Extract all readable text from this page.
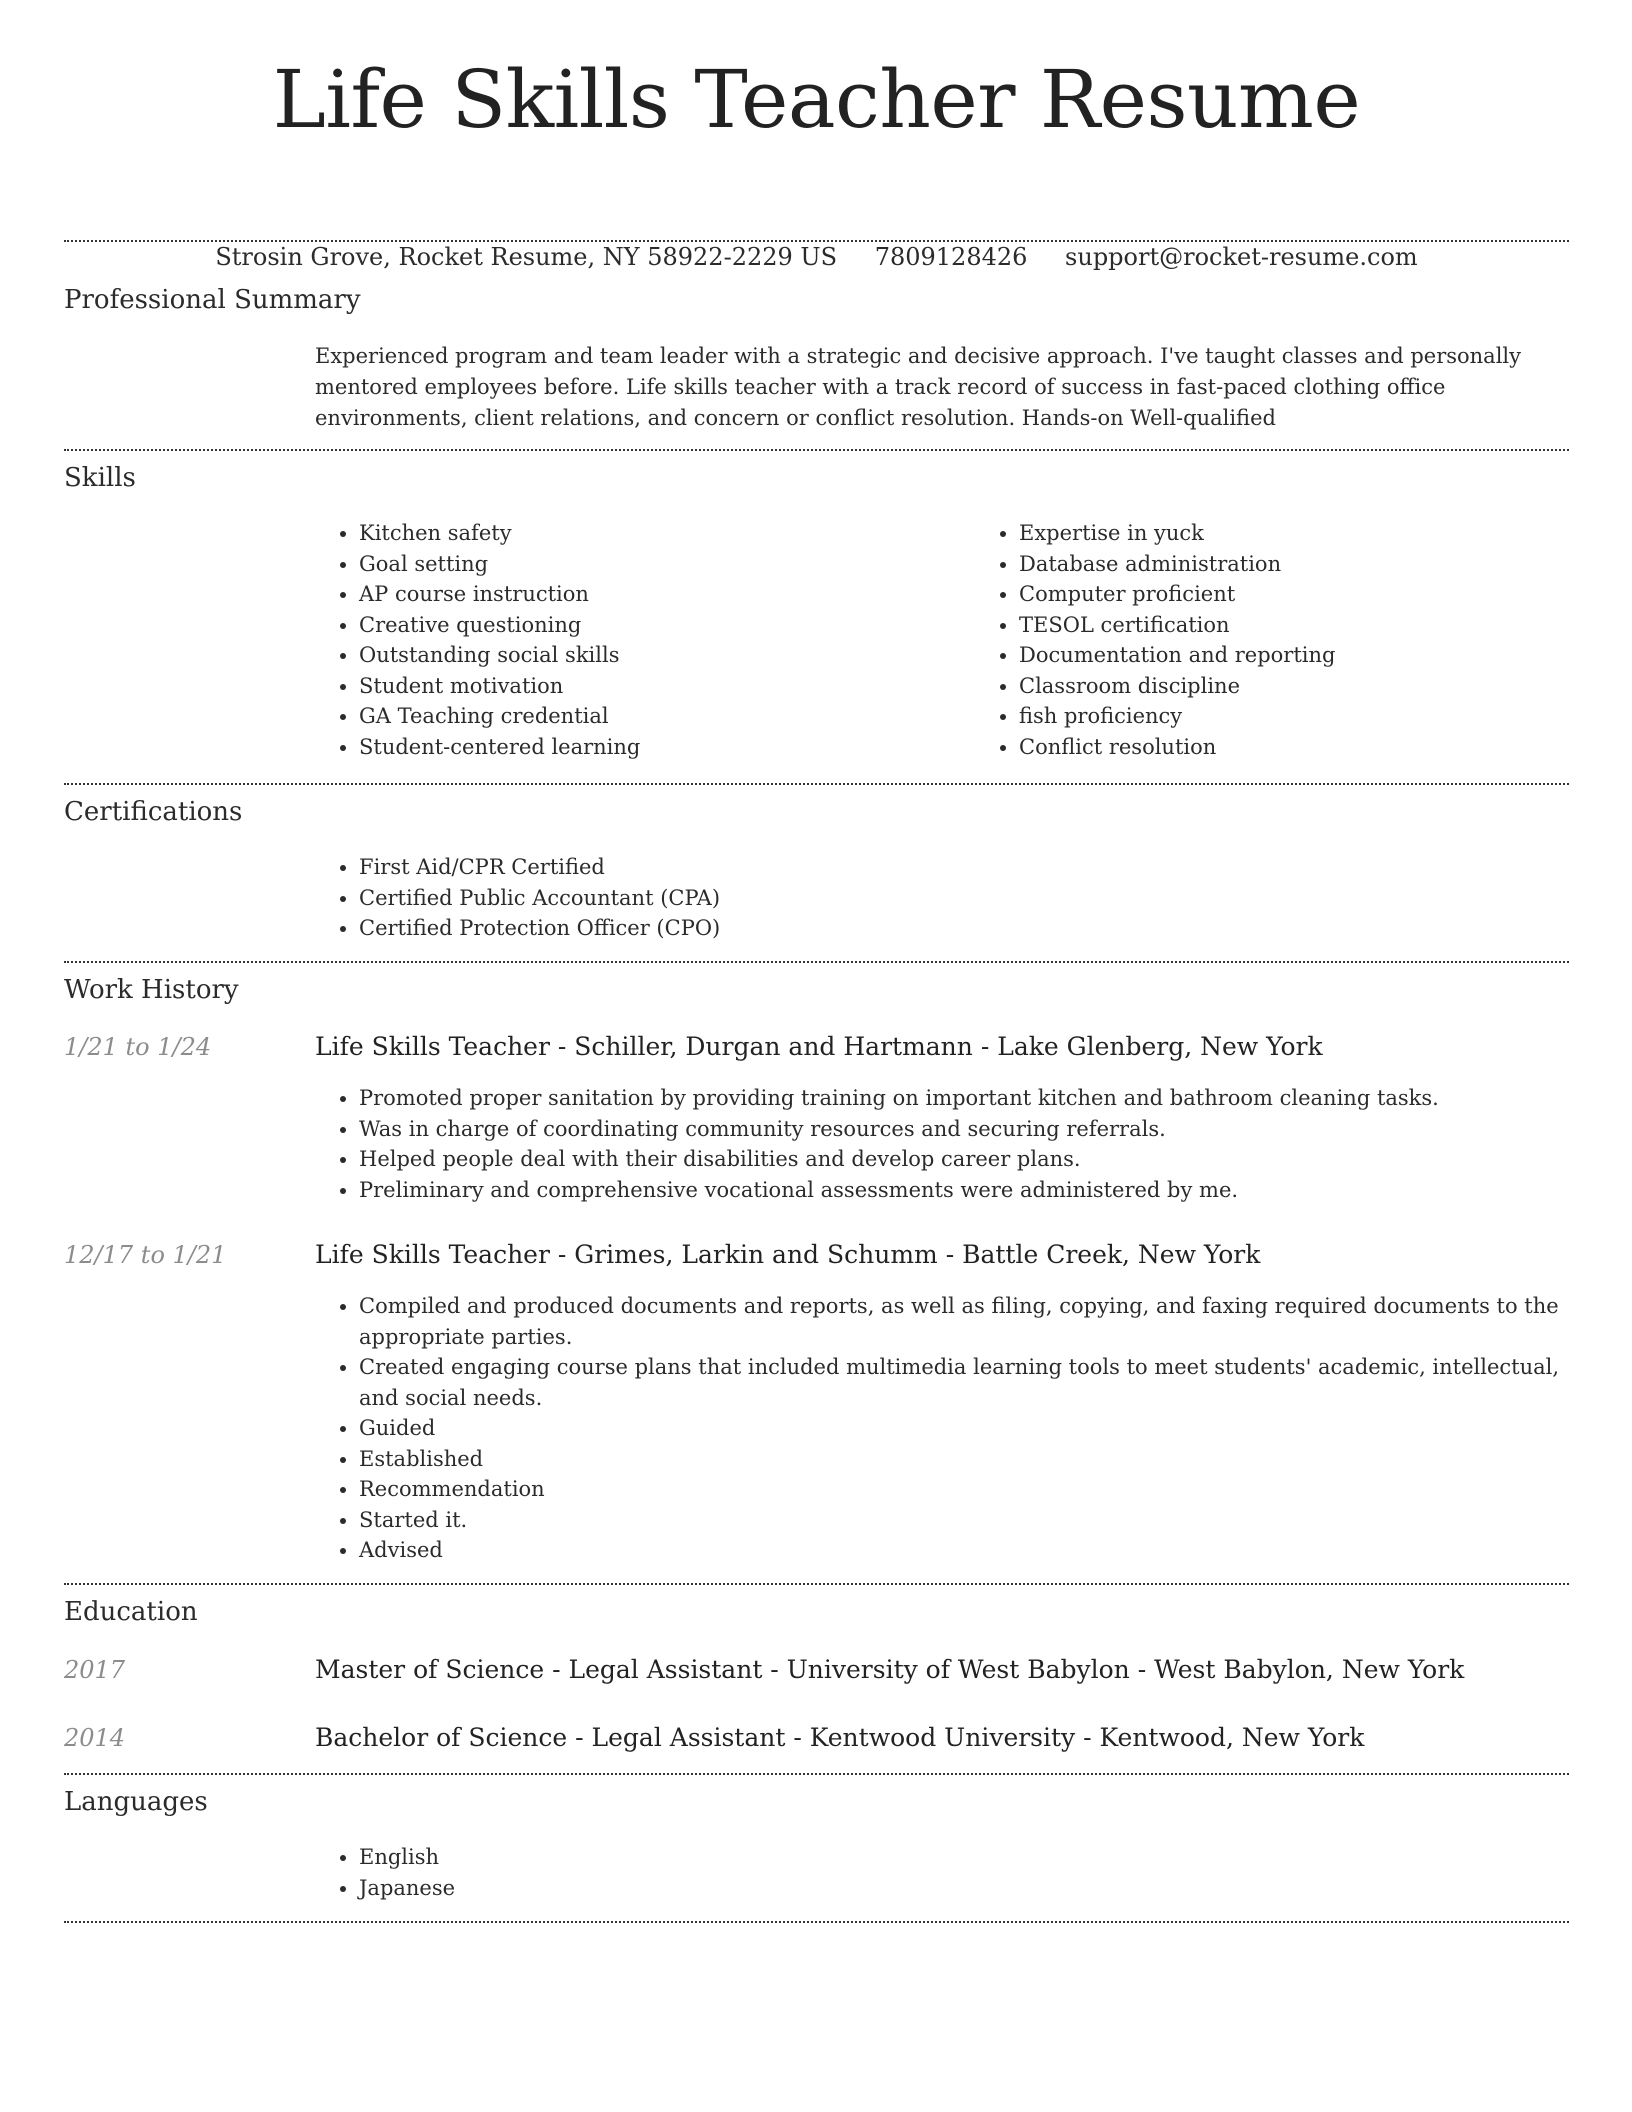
Life Skills Teacher Resume
Strosin Grove, Rocket Resume, NY 58922-2229 US 7809128426 support@rocket-resume.com
Professional Summary
Experienced program and team leader with a strategic and decisive approach. I've taught classes and personally mentored employees before. Life skills teacher with a track record of success in fast-paced clothing office environments, client relations, and concern or conflict resolution. Hands-on Well-qualified
Skills
• Kitchen safety
• Goal setting
• AP course instruction
• Creative questioning
• Outstanding social skills
• Student motivation
• GA Teaching credential
• Student-centered learning
• Expertise in yuck
• Database administration
• Computer proficient
• TESOL certification
• Documentation and reporting
• Classroom discipline
• fish proficiency
• Conflict resolution
Certifications
• First Aid/CPR Certified
• Certified Public Accountant (CPA)
• Certified Protection Officer (CPO)
Work History
1/21 to 1/24	Life Skills Teacher - Schiller, Durgan and Hartmann - Lake Glenberg, New York
• Promoted proper sanitation by providing training on important kitchen and bathroom cleaning tasks.
• Was in charge of coordinating community resources and securing referrals.
• Helped people deal with their disabilities and develop career plans.
• Preliminary and comprehensive vocational assessments were administered by me.
12/17 to 1/21	Life Skills Teacher - Grimes, Larkin and Schumm - Battle Creek, New York
• Compiled and produced documents and reports, as well as filing, copying, and faxing required documents to the appropriate parties.
• Created engaging course plans that included multimedia learning tools to meet students' academic, intellectual, and social needs.
• Guided
• Established
• Recommendation
• Started it.
• Advised
Education
2017	Master of Science - Legal Assistant - University of West Babylon - West Babylon, New York
2014	Bachelor of Science - Legal Assistant - Kentwood University - Kentwood, New York
Languages
• English
• Japanese
